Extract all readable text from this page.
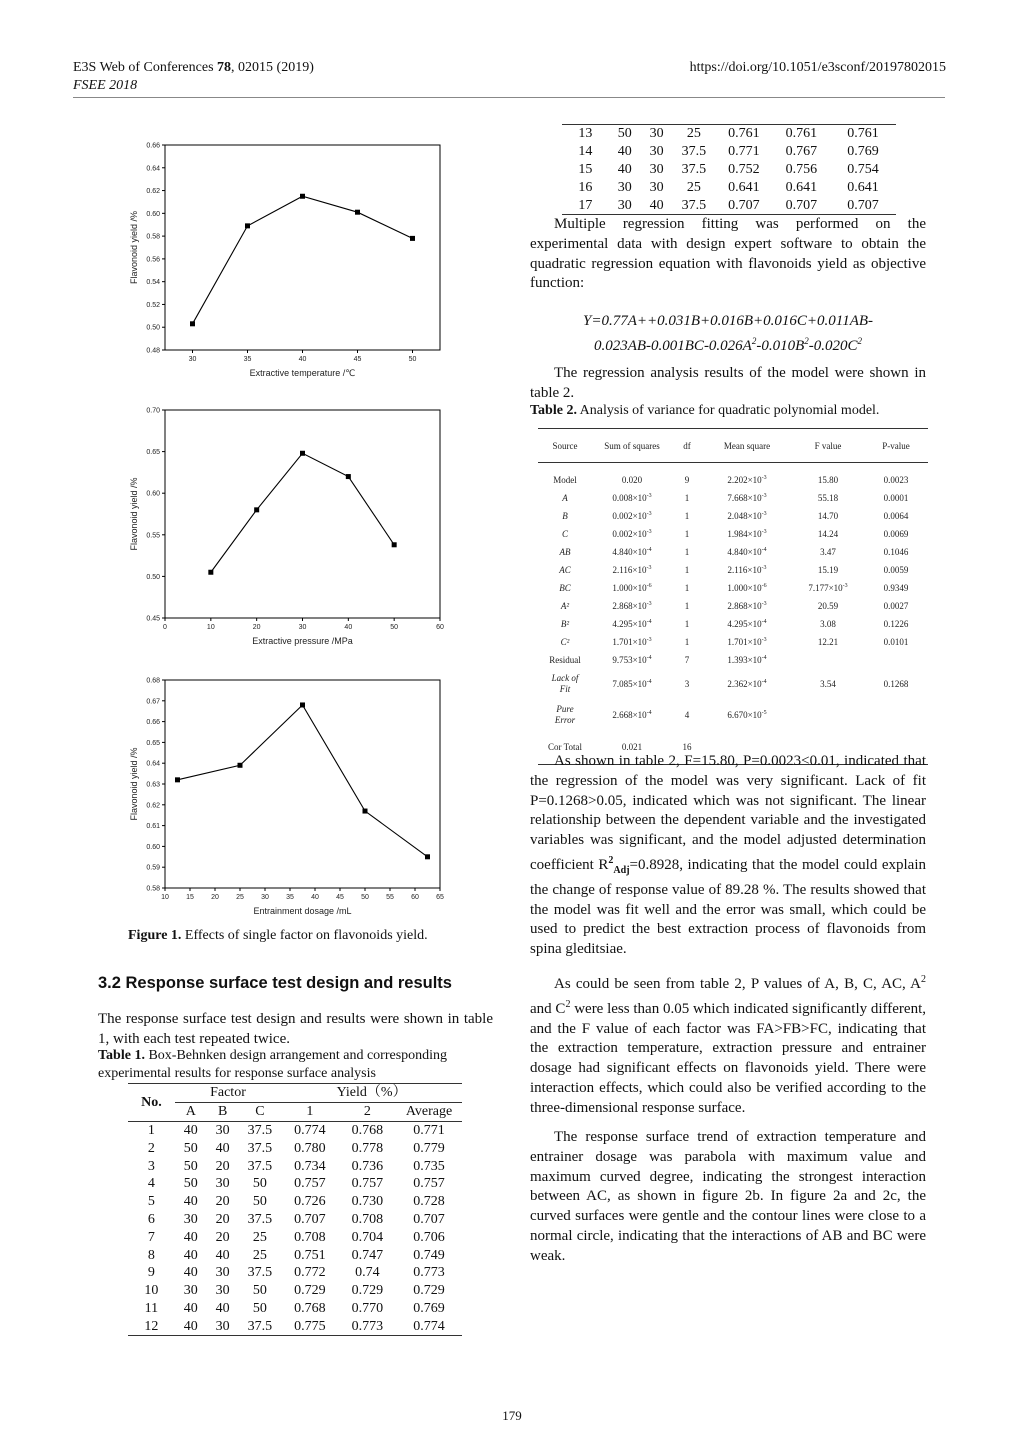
E3S Web of Conferences 78, 02015 (2019)
FSEE 2018
https://doi.org/10.1051/e3sconf/20197802015
0.48
0.50
0.52
0.54
0.56
0.58
0.60
0.62
0.64
0.66
30	35	40	45	50
Extractive temperature /℃
Flavonoid yield /%
0.45
0.50
0.55
0.60
0.65
0.70
0	10	20	30	40	50	60
Extractive pressure /MPa
Flavonoid yield /%
0.58
0.59
0.60
0.61
0.62
0.63
0.64
0.65
0.66
0.67
0.68
10 15 20 25 30 35 40 45 50 55 60 65
Entrainment dosage /mL
Flavonoid yield /%
Figure 1. Effects of single factor on flavonoids yield.
3.2 Response surface test design and results
The response surface test design and results were shown in table 1, with each test repeated twice.
Table 1. Box-Behnken design arrangement and corresponding experimental results for response surface analysis
No.	Factor			Yield（%）		
	A	B	C	1	2	Average
1	40	30	37.5	0.774	0.768	0.771
2	50	40	37.5	0.780	0.778	0.779
3	50	20	37.5	0.734	0.736	0.735
4	50	30	50	0.757	0.757	0.757
5	40	20	50	0.726	0.730	0.728
6	30	20	37.5	0.707	0.708	0.707
7	40	20	25	0.708	0.704	0.706
8	40	40	25	0.751	0.747	0.749
9	40	30	37.5	0.772	0.74	0.773
10	30	30	50	0.729	0.729	0.729
11	40	40	50	0.768	0.770	0.769
12	40	30	37.5	0.775	0.773	0.774
13	50	30	25	0.761	0.761	0.761
14	40	30	37.5	0.771	0.767	0.769
15	40	30	37.5	0.752	0.756	0.754
16	30	30	25	0.641	0.641	0.641
17	30	40	37.5	0.707	0.707	0.707
Multiple regression fitting was performed on the experimental data with design expert software to obtain the quadratic regression equation with flavonoids yield as objective function:
Y=0.77A++0.031B+0.016B+0.016C+0.011AB-
$0.023AB-0.001BC-0.026A^2-0.010B^2-0.020C^2$
The regression analysis results of the model were shown in table 2.
Table 2. Analysis of variance for quadratic polynomial model.
Source	Sum of squares	df	Mean square	F value	P-value

Model	0.020	9	$2.202\times 10^{-3}$	15.80	0.0023
A	$0.008\times 10^{-3}$	1	$7.668\times 10^{-3}$	55.18	0.0001
B	$0.002\times 10^{-3}$	1	$2.048\times 10^{-3}$	14.70	0.0064
C	$0.002\times 10^{-3}$	1	$1.984\times 10^{-3}$	14.24	0.0069
AB	$4.840\times 10^{-4}$	1	$4.840\times 10^{-4}$	3.47	0.1046
AC	$2.116\times 10^{-3}$	1	$2.116\times 10^{-3}$	15.19	0.0059
BC	$1.000\times 10^{-6}$	1	$1.000\times 10^{-6}$	$7.177\times 10^{-3}$	0.9349
A²	$2.868\times 10^{-3}$	1	$2.868\times 10^{-3}$	20.59	0.0027
B²	$4.295\times 10^{-4}$	1	$4.295\times 10^{-4}$	3.08	0.1226
C²	$1.701\times 10^{-3}$	1	$1.701\times 10^{-3}$	12.21	0.0101
Residual	$9.753\times 10^{-4}$	7	$1.393\times 10^{-4}$		
Lack of Fit	$7.085\times 10^{-4}$	3	$2.362\times 10^{-4}$	3.54	0.1268
Pure Error	$2.668\times 10^{-4}$	4	$6.670\times 10^{-5}$		
Cor Total	0.021	16			
As shown in table 2, F=15.80, P=0.0023<0.01, indicated that the regression of the model was very significant. Lack of fit P=0.1268>0.05, indicated which was not significant. The linear relationship between the dependent variable and the investigated variables was significant, and the model adjusted determination coefficient $R^2_{Adj}=0.8928$, indicating that the model could explain the change of response value of 89.28 %. The results showed that the model was fit well and the error was small, which could be used to predict the best extraction process of flavonoids from spina gleditsiae.
As could be seen from table 2, P values of A, B, C, AC, $A^2$ and $C^2$ were less than 0.05 which indicated significantly different, and the F value of each factor was FA>FB>FC, indicating that the extraction temperature, extraction pressure and entrainer dosage had significant effects on flavonoids yield. There were interaction effects, which could also be verified according to the three-dimensional response surface.
The response surface trend of extraction temperature and entrainer dosage was parabola with maximum value and maximum curved degree, indicating the strongest interaction between AC, as shown in figure 2b. In figure 2a and 2c, the curved surfaces were gentle and the contour lines were close to a normal circle, indicating that the interactions of AB and BC were weak.
179
